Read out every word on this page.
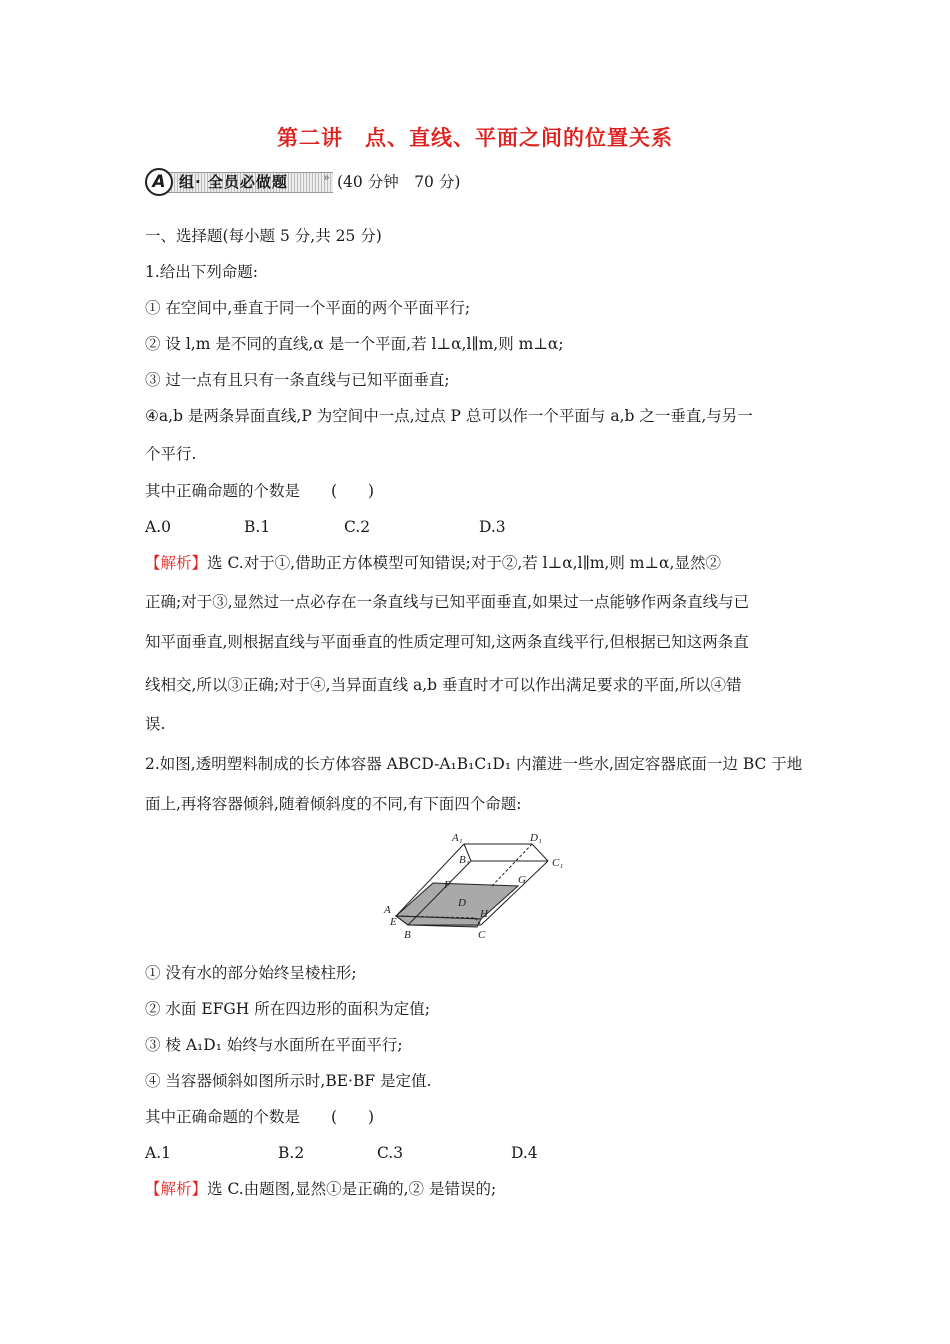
第二讲　点、直线、平面之间的位置关系
A 组· 全员必做题	» (40 分钟　70 分)
一、选择题(每小题 5 分,共 25 分)
1.给出下列命题:
① 在空间中,垂直于同一个平面的两个平面平行;
② 设 l,m 是不同的直线,α 是一个平面,若 l⊥α,l∥m,则 m⊥α;
③ 过一点有且只有一条直线与已知平面垂直;
④a,b 是两条异面直线,P 为空间中一点,过点 P 总可以作一个平面与 a,b 之一垂直,与另一
个平行.
其中正确命题的个数是　　(　　)
A.0	B.1	C.2	D.3
【解析】选 C.对于①,借助正方体模型可知错误;对于②,若 l⊥α,l∥m,则 m⊥α,显然②
正确;对于③,显然过一点必存在一条直线与已知平面垂直,如果过一点能够作两条直线与已
知平面垂直,则根据直线与平面垂直的性质定理可知,这两条直线平行,但根据已知这两条直
线相交,所以③正确;对于④,当异面直线 a,b 垂直时才可以作出满足要求的平面,所以④错
误.
2.如图,透明塑料制成的长方体容器 ABCD-A₁B₁C₁D₁ 内灌进一些水,固定容器底面一边 BC 于地
面上,再将容器倾斜,随着倾斜度的不同,有下面四个命题:
A₁	D₁
B₁	C₁
F	G
D
A
E
H
B	C
① 没有水的部分始终呈棱柱形;
② 水面 EFGH 所在四边形的面积为定值;
③ 棱 A₁D₁ 始终与水面所在平面平行;
④ 当容器倾斜如图所示时,BE·BF 是定值.
其中正确命题的个数是　　(　　)
A.1	B.2	C.3	D.4
【解析】选 C.由题图,显然①是正确的,② 是错误的;
